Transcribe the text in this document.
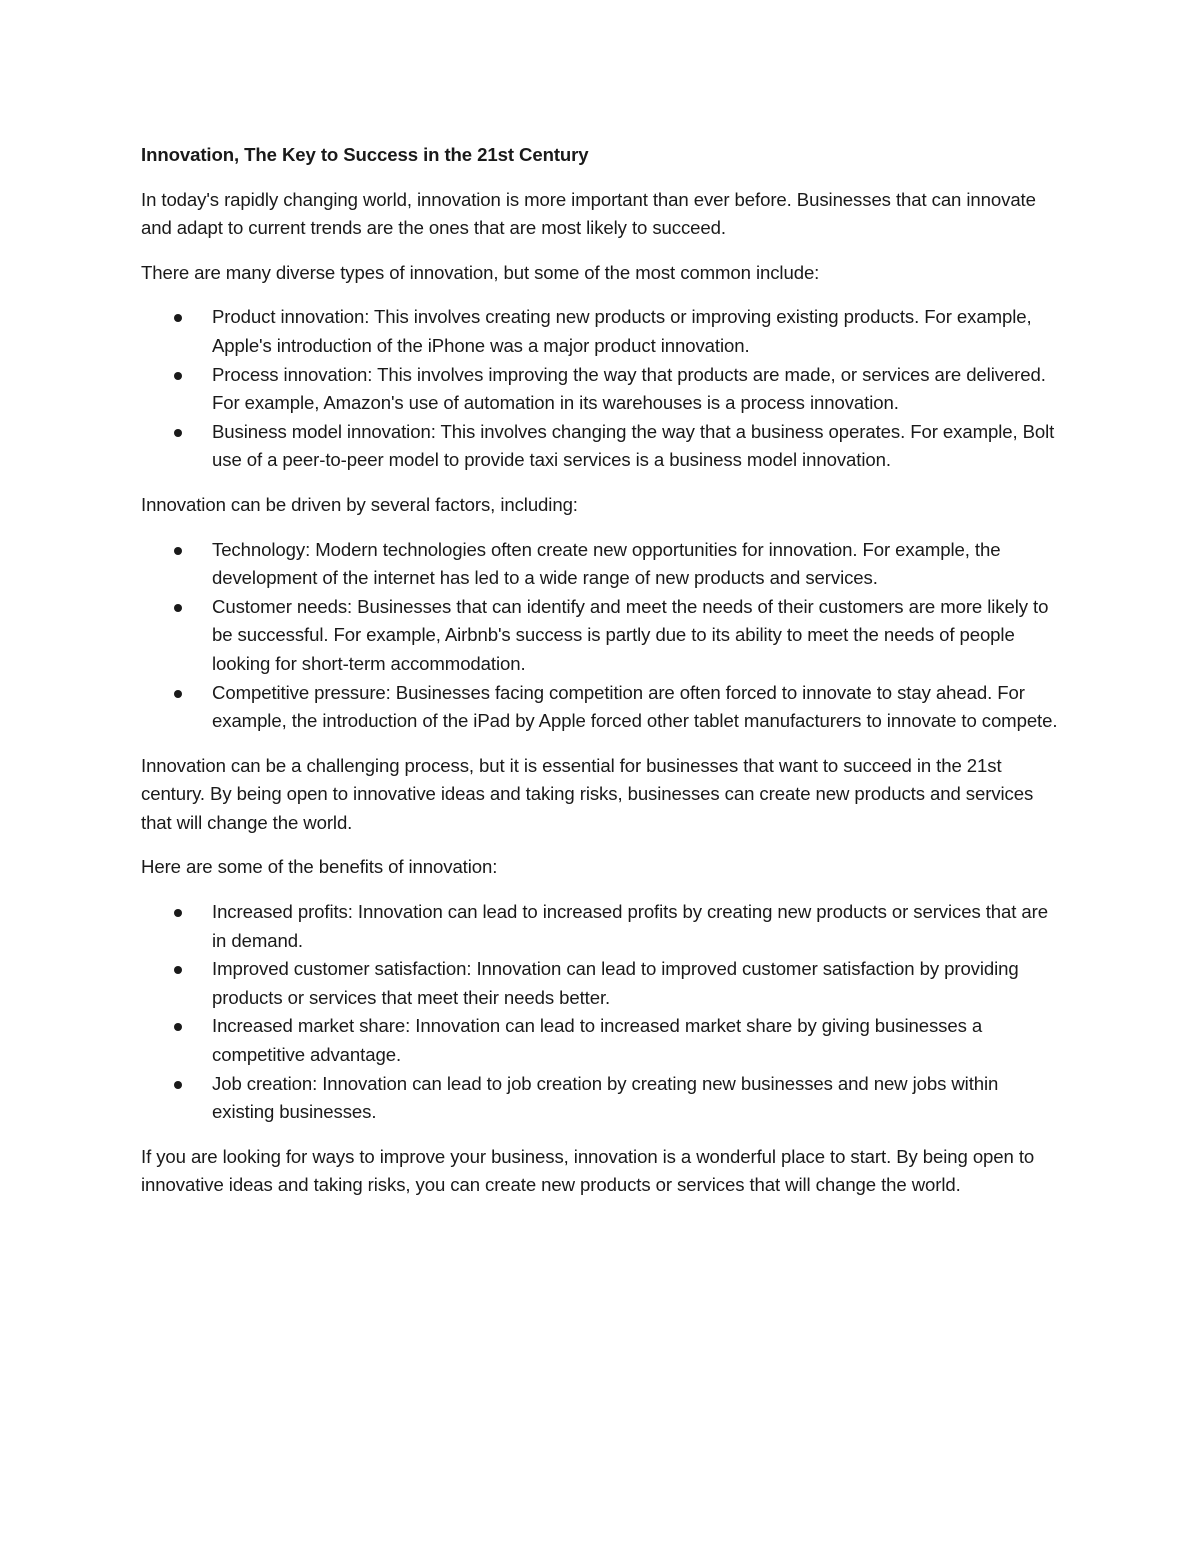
Innovation, The Key to Success in the 21st Century

In today's rapidly changing world, innovation is more important than ever before. Businesses that can innovate and adapt to current trends are the ones that are most likely to succeed.

There are many diverse types of innovation, but some of the most common include:

Product innovation: This involves creating new products or improving existing products. For example, Apple's introduction of the iPhone was a major product innovation.
Process innovation: This involves improving the way that products are made, or services are delivered. For example, Amazon's use of automation in its warehouses is a process innovation.
Business model innovation: This involves changing the way that a business operates. For example, Bolt use of a peer-to-peer model to provide taxi services is a business model innovation.

Innovation can be driven by several factors, including:

Technology: Modern technologies often create new opportunities for innovation. For example, the development of the internet has led to a wide range of new products and services.
Customer needs: Businesses that can identify and meet the needs of their customers are more likely to be successful. For example, Airbnb's success is partly due to its ability to meet the needs of people looking for short-term accommodation.
Competitive pressure: Businesses facing competition are often forced to innovate to stay ahead. For example, the introduction of the iPad by Apple forced other tablet manufacturers to innovate to compete.

Innovation can be a challenging process, but it is essential for businesses that want to succeed in the 21st century. By being open to innovative ideas and taking risks, businesses can create new products and services that will change the world.

Here are some of the benefits of innovation:

Increased profits: Innovation can lead to increased profits by creating new products or services that are in demand.
Improved customer satisfaction: Innovation can lead to improved customer satisfaction by providing products or services that meet their needs better.
Increased market share: Innovation can lead to increased market share by giving businesses a competitive advantage.
Job creation: Innovation can lead to job creation by creating new businesses and new jobs within existing businesses.

If you are looking for ways to improve your business, innovation is a wonderful place to start. By being open to innovative ideas and taking risks, you can create new products or services that will change the world.
